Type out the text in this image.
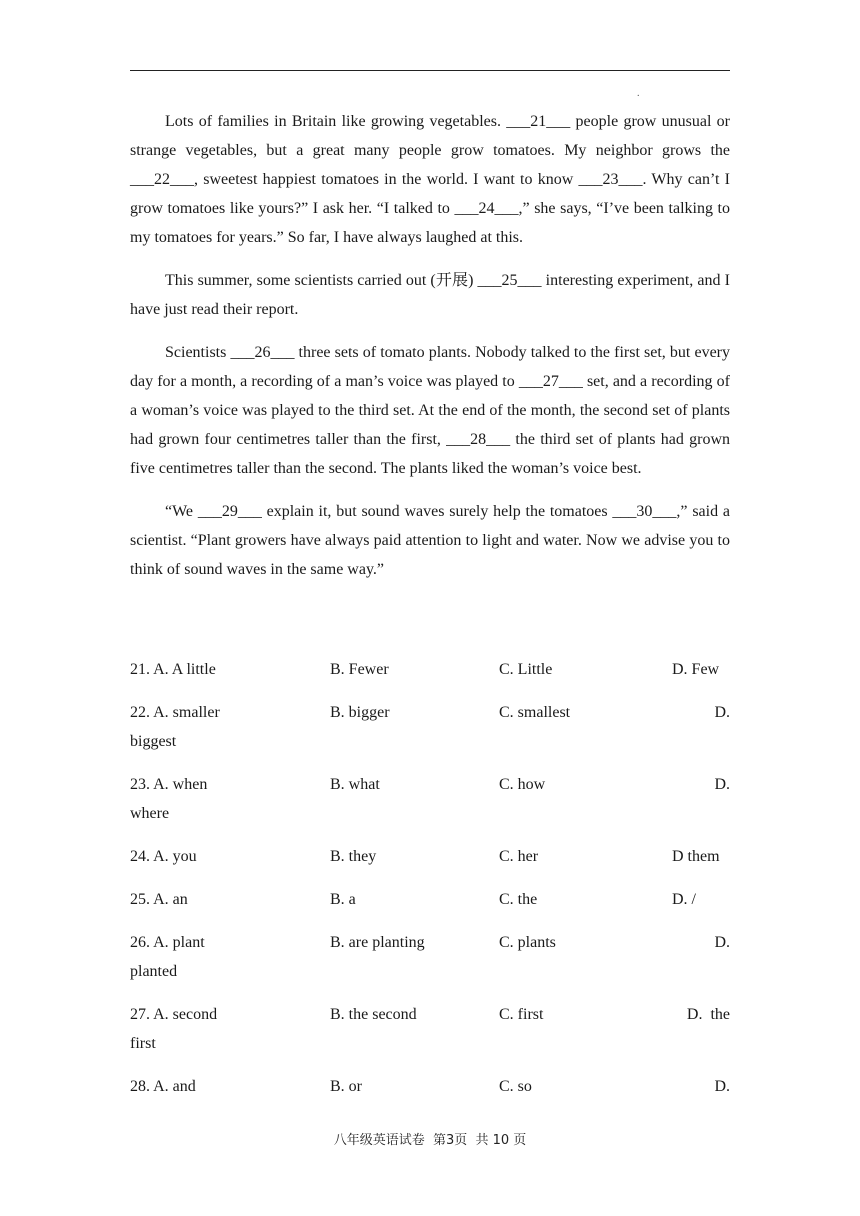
.

Lots of families in Britain like growing vegetables. ___21___ people grow unusual or strange vegetables, but a great many people grow tomatoes. My neighbor grows the ___22___, sweetest happiest tomatoes in the world. I want to know ___23___. Why can’t I grow tomatoes like yours?” I ask her. “I talked to ___24___,” she says, “I’ve been talking to my tomatoes for years.” So far, I have always laughed at this.

This summer, some scientists carried out (开展) ___25___ interesting experiment, and I have just read their report.

Scientists ___26___ three sets of tomato plants. Nobody talked to the first set, but every day for a month, a recording of a man’s voice was played to ___27___ set, and a recording of a woman’s voice was played to the third set. At the end of the month, the second set of plants had grown four centimetres taller than the first, ___28___ the third set of plants had grown five centimetres taller than the second. The plants liked the woman’s voice best.

“We ___29___ explain it, but sound waves surely help the tomatoes ___30___,” said a scientist. “Plant growers have always paid attention to light and water. Now we advise you to think of sound waves in the same way.”

21. A. A little	B. Fewer	C. Little	D. Few
22. A. smaller	B. bigger	C. smallest	D.
biggest
23. A. when	B. what	C. how	D.
where
24. A. you	B. they	C. her	D them
25. A. an	B. a	C. the	D. /
26. A. plant	B. are planting	C. plants	D.
planted
27. A. second	B. the second	C. first	D.  the
first
28. A. and	B. or	C. so	D.
八年级英语试卷  第3页  共 10 页
